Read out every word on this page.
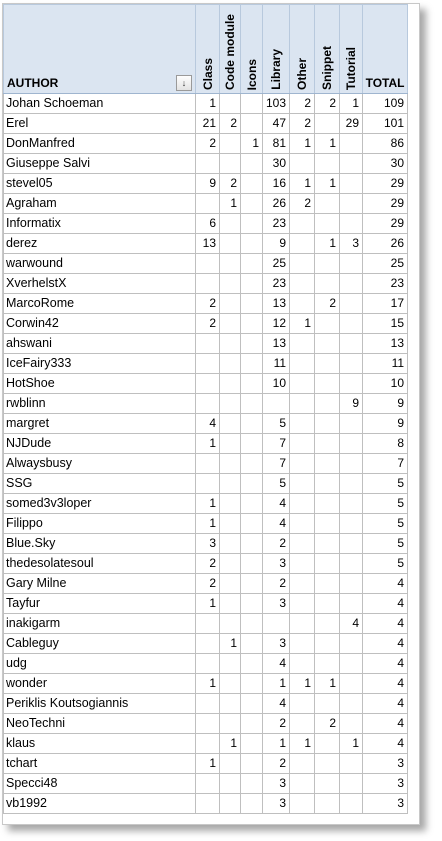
AUTHOR ↓	Class	Code module	Icons	Library	Other	Snippet	Tutorial	TOTAL

Johan Schoeman	1			103	2	2	1	109
Erel	21	2		47	2		29	101
DonManfred	2		1	81	1	1		86
Giuseppe Salvi				30				30
stevel05	9	2		16	1	1		29
Agraham		1		26	2			29
Informatix	6			23				29
derez	13			9		1	3	26
warwound				25				25
XverhelstX				23				23
MarcoRome	2			13		2		17
Corwin42	2			12	1			15
ahswani				13				13
IceFairy333				11				11
HotShoe				10				10
rwblinn							9	9
margret	4			5				9
NJDude	1			7				8
Alwaysbusy				7				7
SSG				5				5
somed3v3loper	1			4				5
Filippo	1			4				5
Blue.Sky	3			2				5
thedesolatesoul	2			3				5
Gary Milne	2			2				4
Tayfur	1			3				4
inakigarm							4	4
Cableguy		1		3				4
udg				4				4
wonder	1			1	1	1		4
Periklis Koutsogiannis				4				4
NeoTechni				2		2		4
klaus		1		1	1		1	4
tchart	1			2				3
Specci48				3				3
vb1992				3				3
